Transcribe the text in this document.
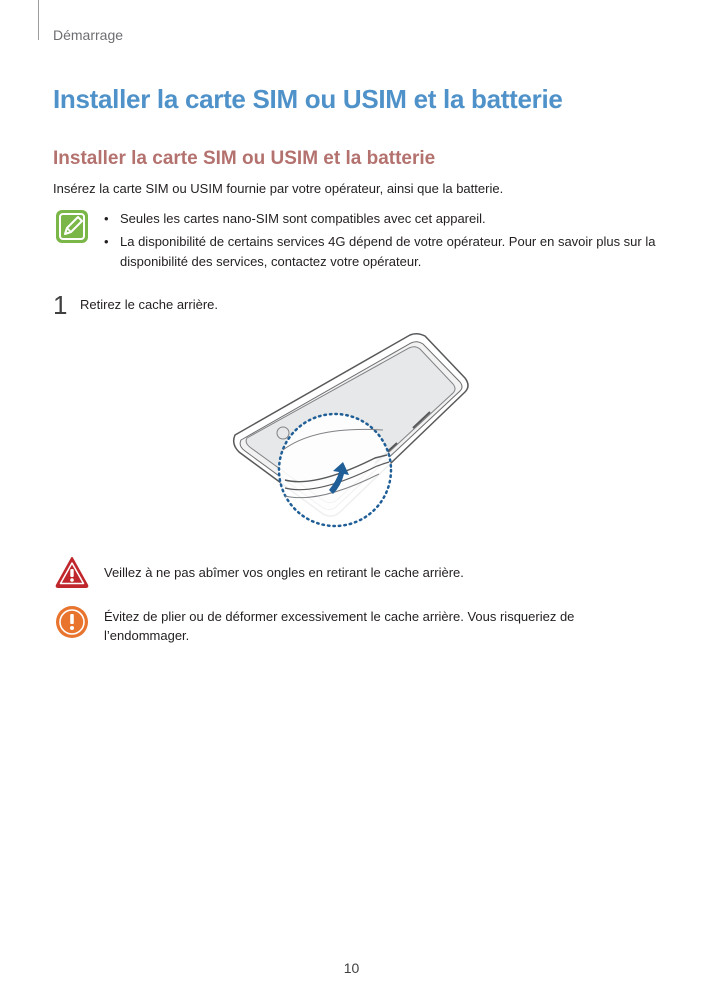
Démarrage
Installer la carte SIM ou USIM et la batterie
Installer la carte SIM ou USIM et la batterie

Insérez la carte SIM ou USIM fournie par votre opérateur, ainsi que la batterie.

• Seules les cartes nano-SIM sont compatibles avec cet appareil.
• La disponibilité de certains services 4G dépend de votre opérateur. Pour en savoir plus sur la disponibilité des services, contactez votre opérateur.
1 Retirez le cache arrière.
Veillez à ne pas abîmer vos ongles en retirant le cache arrière.
Évitez de plier ou de déformer excessivement le cache arrière. Vous risqueriez de l’endommager.
10
